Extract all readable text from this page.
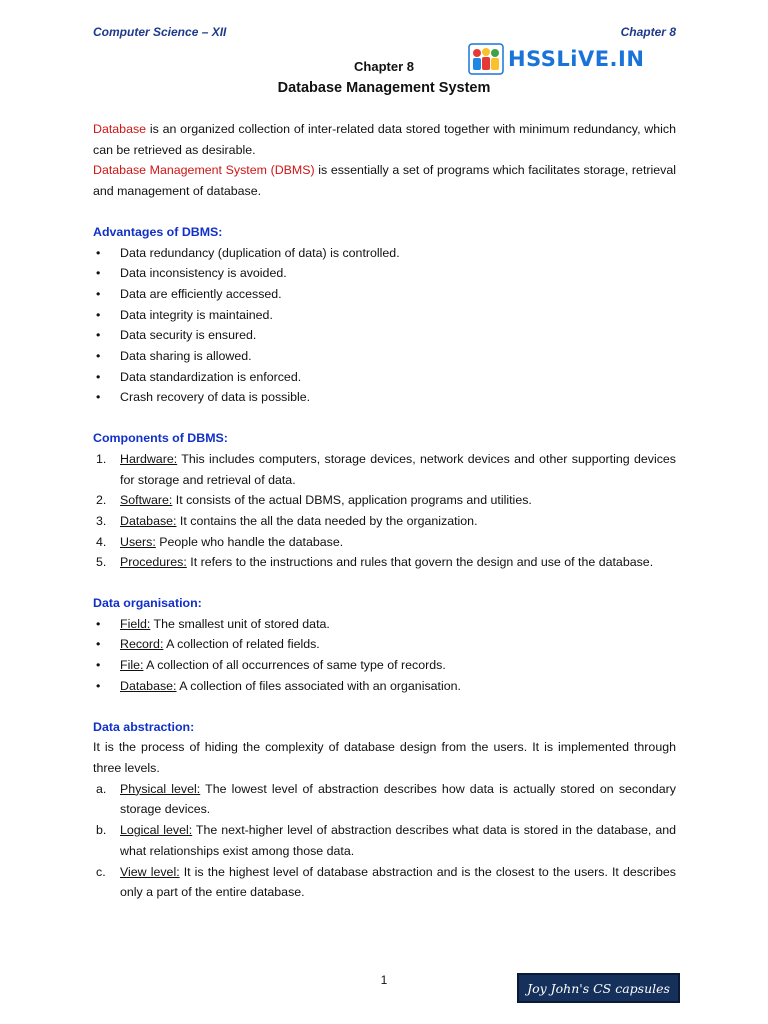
Computer Science – XII	Chapter 8
HSSLiVE.IN
Chapter 8
Database Management System

Database is an organized collection of inter-related data stored together with minimum redundancy, which can be retrieved as desirable.

Database Management System (DBMS) is essentially a set of programs which facilitates storage, retrieval and management of database.

Advantages of DBMS:
• Data redundancy (duplication of data) is controlled.
• Data inconsistency is avoided.
• Data are efficiently accessed.
• Data integrity is maintained.
• Data security is ensured.
• Data sharing is allowed.
• Data standardization is enforced.
• Crash recovery of data is possible.
Components of DBMS:
1. Hardware: This includes computers, storage devices, network devices and other supporting devices for storage and retrieval of data.
2. Software: It consists of the actual DBMS, application programs and utilities.
3. Database: It contains the all the data needed by the organization.
4. Users: People who handle the database.
5. Procedures: It refers to the instructions and rules that govern the design and use of the database.
Data organisation:
• Field: The smallest unit of stored data.
• Record: A collection of related fields.
• File: A collection of all occurrences of same type of records.
• Database: A collection of files associated with an organisation.
Data abstraction:

It is the process of hiding the complexity of database design from the users. It is implemented through three levels.

a. Physical level: The lowest level of abstraction describes how data is actually stored on secondary storage devices.
b. Logical level: The next-higher level of abstraction describes what data is stored in the database, and what relationships exist among those data.
c. View level: It is the highest level of database abstraction and is the closest to the users. It describes only a part of the entire database.
1
Joy John's CS capsules
